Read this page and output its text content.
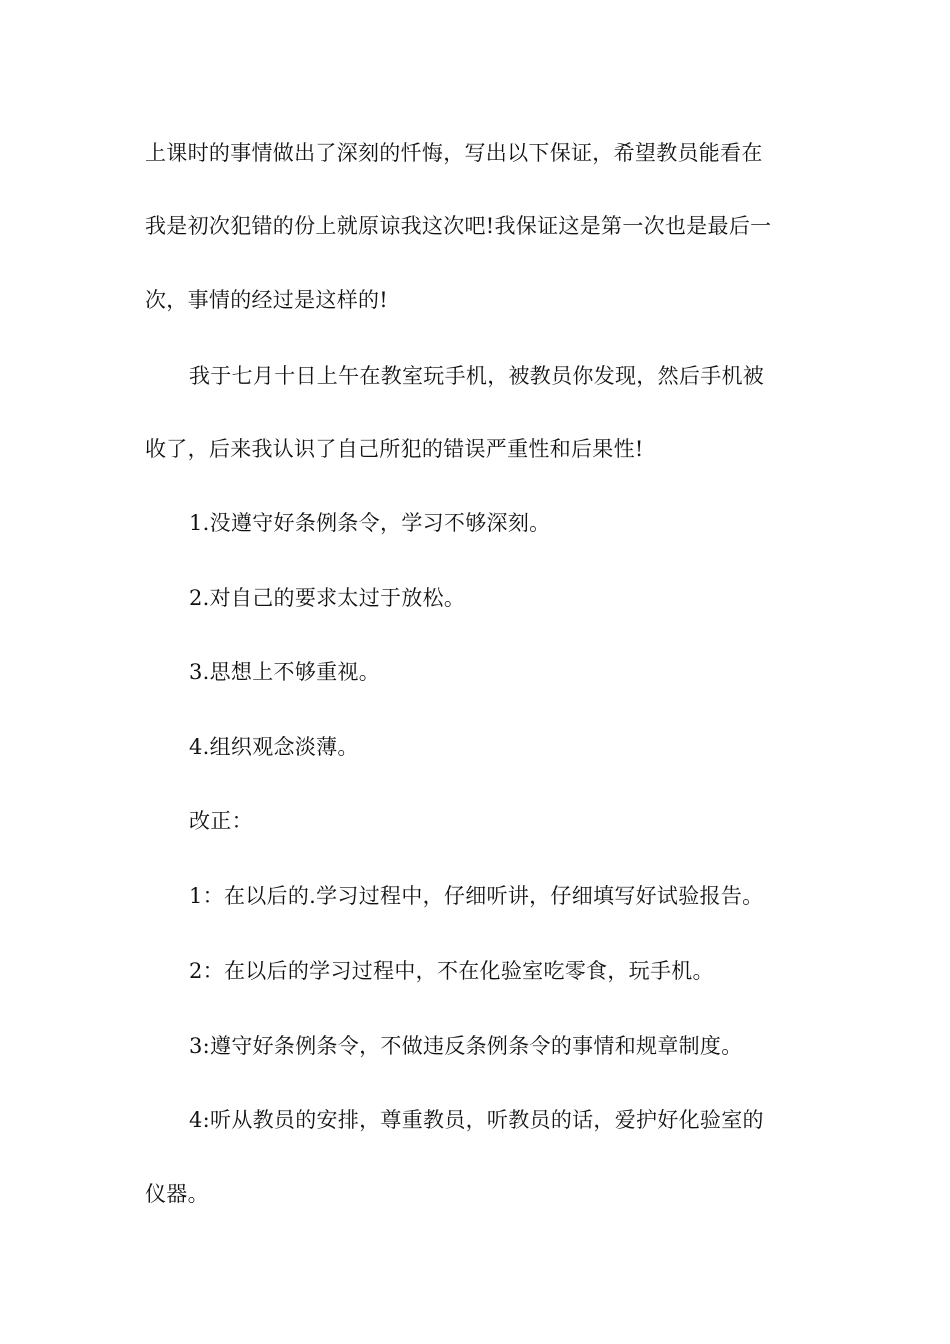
上课时的事情做出了深刻的忏悔，写出以下保证，希望教员能看在
我是初次犯错的份上就原谅我这次吧!我保证这是第一次也是最后一
次，事情的经过是这样的!
我于七月十日上午在教室玩手机，被教员你发现，然后手机被
收了，后来我认识了自己所犯的错误严重性和后果性!
1.没遵守好条例条令，学习不够深刻。
2.对自己的要求太过于放松。
3.思想上不够重视。
4.组织观念淡薄。
改正：
1：在以后的.学习过程中，仔细听讲，仔细填写好试验报告。
2：在以后的学习过程中，不在化验室吃零食，玩手机。
3:遵守好条例条令，不做违反条例条令的事情和规章制度。
4:听从教员的安排，尊重教员，听教员的话，爱护好化验室的
仪器。
